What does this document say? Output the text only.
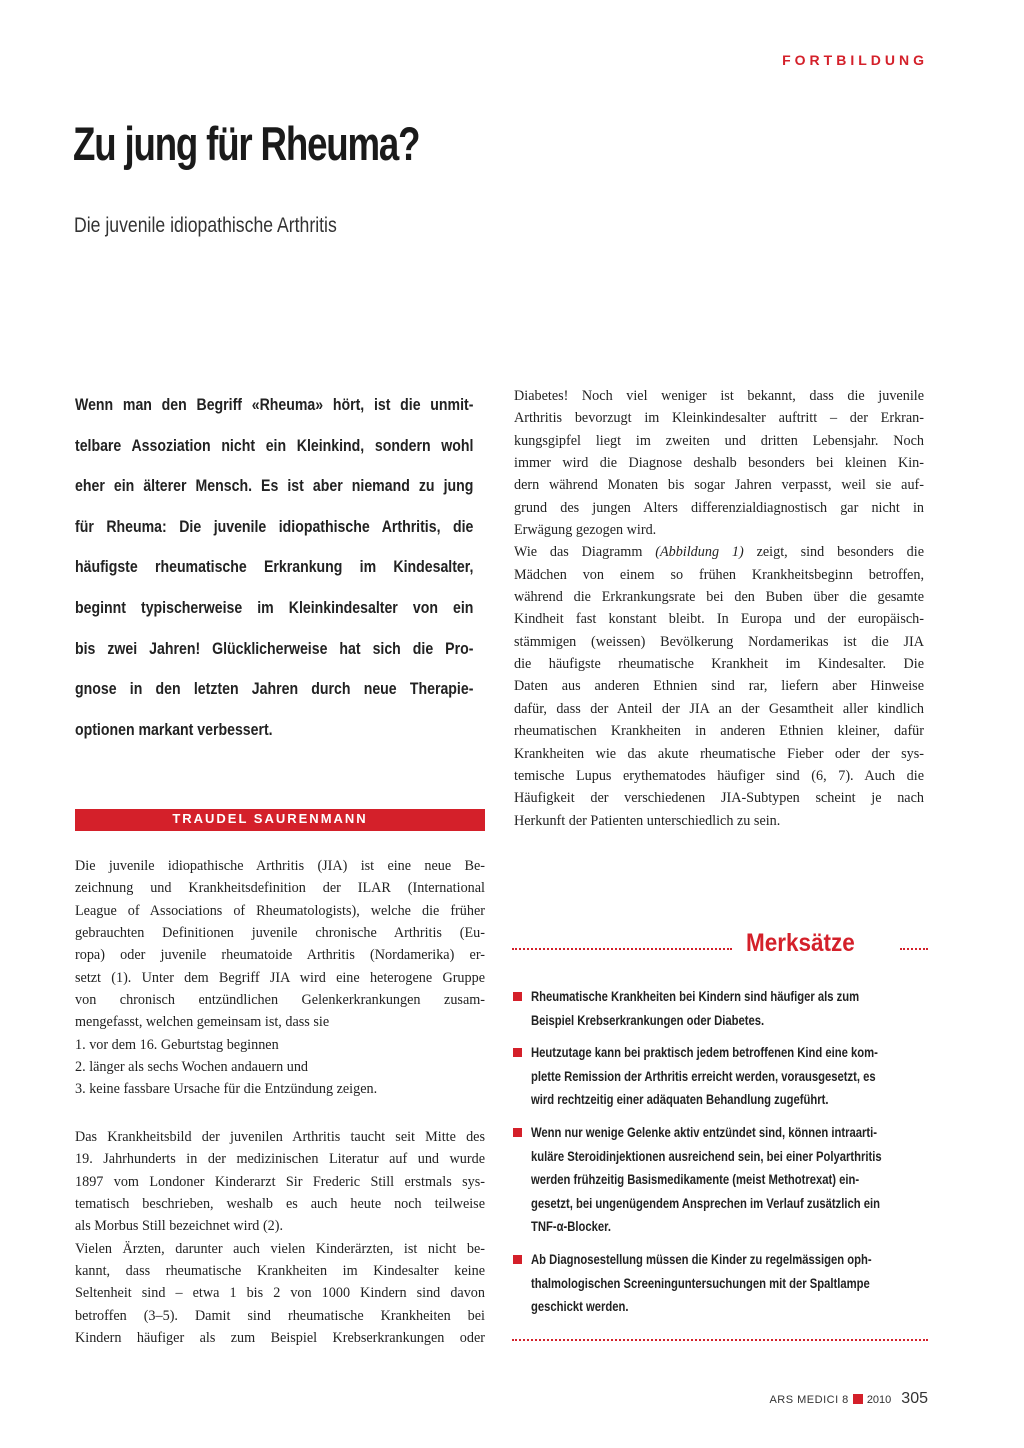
FORTBILDUNG
Zu jung für Rheuma?
Die juvenile idiopathische Arthritis
Wenn man den Begriff «Rheuma» hört, ist die unmit-
telbare Assoziation nicht ein Kleinkind, sondern wohl
eher ein älterer Mensch. Es ist aber niemand zu jung
für Rheuma: Die juvenile idiopathische Arthritis, die
häufigste rheumatische Erkrankung im Kindesalter,
beginnt typischerweise im Kleinkindesalter von ein
bis zwei Jahren! Glücklicherweise hat sich die Pro-
gnose in den letzten Jahren durch neue Therapie-
optionen markant verbessert.
TRAUDEL SAURENMANN
Die juvenile idiopathische Arthritis (JIA) ist eine neue Be-
zeichnung und Krankheitsdefinition der ILAR (International
League of Associations of Rheumatologists), welche die früher
gebrauchten Definitionen juvenile chronische Arthritis (Eu-
ropa) oder juvenile rheumatoide Arthritis (Nordamerika) er-
setzt (1). Unter dem Begriff JIA wird eine heterogene Gruppe
von chronisch entzündlichen Gelenkerkrankungen zusam-
mengefasst, welchen gemeinsam ist, dass sie
1. vor dem 16. Geburtstag beginnen
2. länger als sechs Wochen andauern und
3. keine fassbare Ursache für die Entzündung zeigen.
Das Krankheitsbild der juvenilen Arthritis taucht seit Mitte des
19. Jahrhunderts in der medizinischen Literatur auf und wurde
1897 vom Londoner Kinderarzt Sir Frederic Still erstmals sys-
tematisch beschrieben, weshalb es auch heute noch teilweise
als Morbus Still bezeichnet wird (2).
Vielen Ärzten, darunter auch vielen Kinderärzten, ist nicht be-
kannt, dass rheumatische Krankheiten im Kindesalter keine
Seltenheit sind – etwa 1 bis 2 von 1000 Kindern sind davon
betroffen (3–5). Damit sind rheumatische Krankheiten bei
Kindern häufiger als zum Beispiel Krebserkrankungen oder
Diabetes! Noch viel weniger ist bekannt, dass die juvenile
Arthritis bevorzugt im Kleinkindesalter auftritt – der Erkran-
kungsgipfel liegt im zweiten und dritten Lebensjahr. Noch
immer wird die Diagnose deshalb besonders bei kleinen Kin-
dern während Monaten bis sogar Jahren verpasst, weil sie auf-
grund des jungen Alters differenzialdiagnostisch gar nicht in
Erwägung gezogen wird.
Wie das Diagramm (Abbildung 1) zeigt, sind besonders die
Mädchen von einem so frühen Krankheitsbeginn betroffen,
während die Erkrankungsrate bei den Buben über die gesamte
Kindheit fast konstant bleibt. In Europa und der europäisch-
stämmigen (weissen) Bevölkerung Nordamerikas ist die JIA
die häufigste rheumatische Krankheit im Kindesalter. Die
Daten aus anderen Ethnien sind rar, liefern aber Hinweise
dafür, dass der Anteil der JIA an der Gesamtheit aller kindlich
rheumatischen Krankheiten in anderen Ethnien kleiner, dafür
Krankheiten wie das akute rheumatische Fieber oder der sys-
temische Lupus erythematodes häufiger sind (6, 7). Auch die
Häufigkeit der verschiedenen JIA-Subtypen scheint je nach
Herkunft der Patienten unterschiedlich zu sein.
Merksätze
Rheumatische Krankheiten bei Kindern sind häufiger als zum
Beispiel Krebserkrankungen oder Diabetes.
Heutzutage kann bei praktisch jedem betroffenen Kind eine kom-
plette Remission der Arthritis erreicht werden, vorausgesetzt, es
wird rechtzeitig einer adäquaten Behandlung zugeführt.
Wenn nur wenige Gelenke aktiv entzündet sind, können intraarti-
kuläre Steroidinjektionen ausreichend sein, bei einer Polyarthritis
werden frühzeitig Basismedikamente (meist Methotrexat) ein-
gesetzt, bei ungenügendem Ansprechen im Verlauf zusätzlich ein
TNF-α-Blocker.
Ab Diagnosestellung müssen die Kinder zu regelmässigen oph-
thalmologischen Screeninguntersuchungen mit der Spaltlampe
geschickt werden.
ARS MEDICI 8 2010 305
